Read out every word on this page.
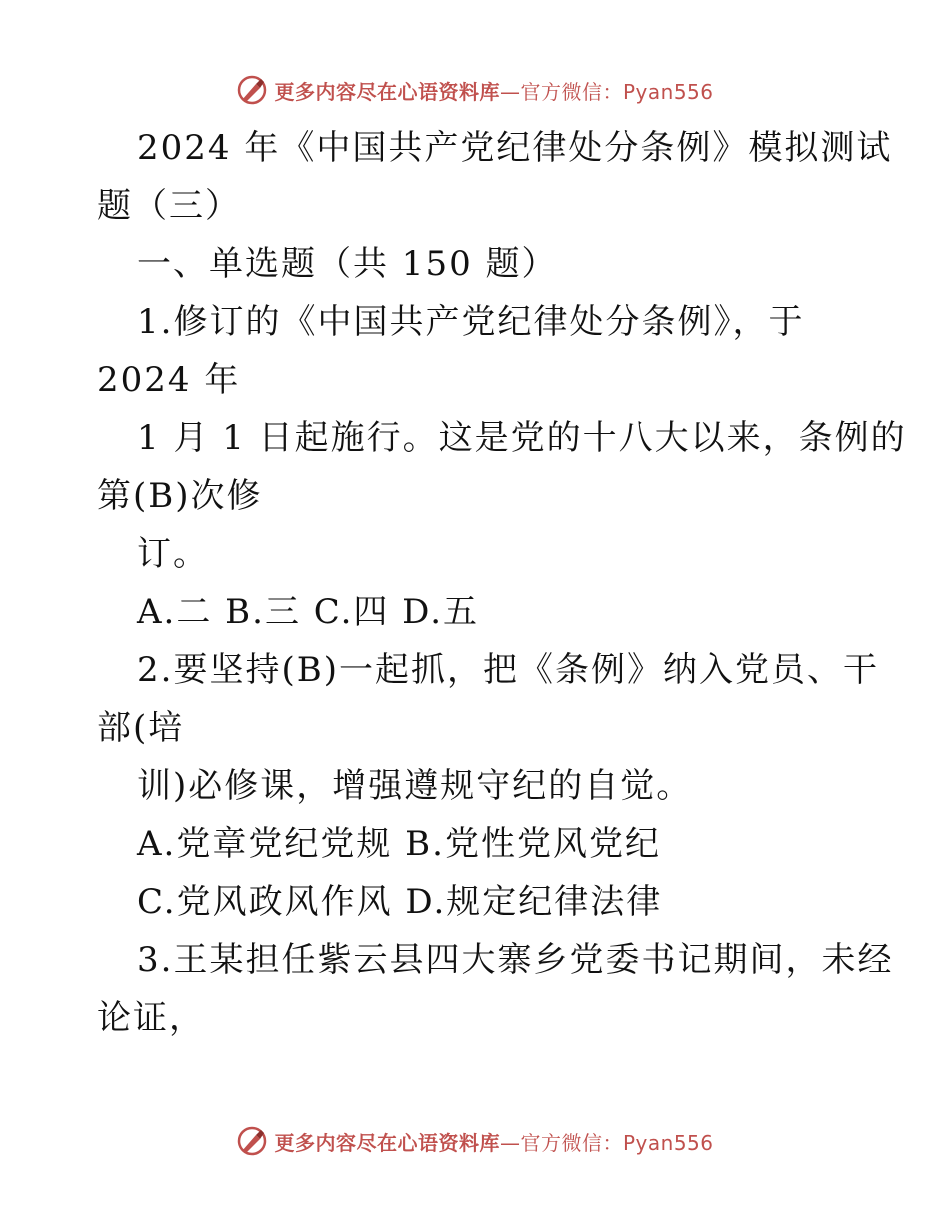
更多内容尽在心语资料库—官方微信：Pyan556
2024 年《中国共产党纪律处分条例》模拟测试
题（三）
一、单选题（共 150 题）
1.修订的《中国共产党纪律处分条例》，于
2024 年
1 月 1 日起施行。这是党的十八大以来，条例的
第(B)次修
订。
A.二 B.三 C.四 D.五
2.要坚持(B)一起抓，把《条例》纳入党员、干
部(培
训)必修课，增强遵规守纪的自觉。
A.党章党纪党规 B.党性党风党纪
C.党风政风作风 D.规定纪律法律
3.王某担任紫云县四大寨乡党委书记期间，未经
论证，
更多内容尽在心语资料库—官方微信：Pyan556
